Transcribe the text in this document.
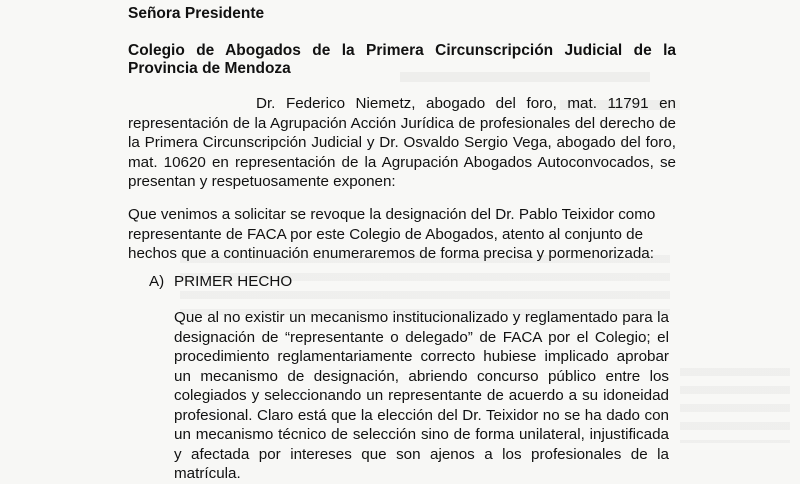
Señora Presidente
Colegio de Abogados de la Primera Circunscripción Judicial de la Provincia de Mendoza
Dr. Federico Niemetz, abogado del foro, mat. 11791 en representación de la Agrupación Acción Jurídica de profesionales del derecho de la Primera Circunscripción Judicial y Dr. Osvaldo Sergio Vega, abogado del foro, mat. 10620 en representación de la Agrupación Abogados Autoconvocados, se presentan y respetuosamente exponen:
Que venimos a solicitar se revoque la designación del Dr. Pablo Teixidor como representante de FACA por este Colegio de Abogados, atento al conjunto de hechos que a continuación enumeraremos de forma precisa y pormenorizada:
A) PRIMER HECHO
Que al no existir un mecanismo institucionalizado y reglamentado para la designación de “representante o delegado” de FACA por el Colegio; el procedimiento reglamentariamente correcto hubiese implicado aprobar un mecanismo de designación, abriendo concurso público entre los colegiados y seleccionando un representante de acuerdo a su idoneidad profesional. Claro está que la elección del Dr. Teixidor no se ha dado con un mecanismo técnico de selección sino de forma unilateral, injustificada y afectada por intereses que son ajenos a los profesionales de la matrícula.
